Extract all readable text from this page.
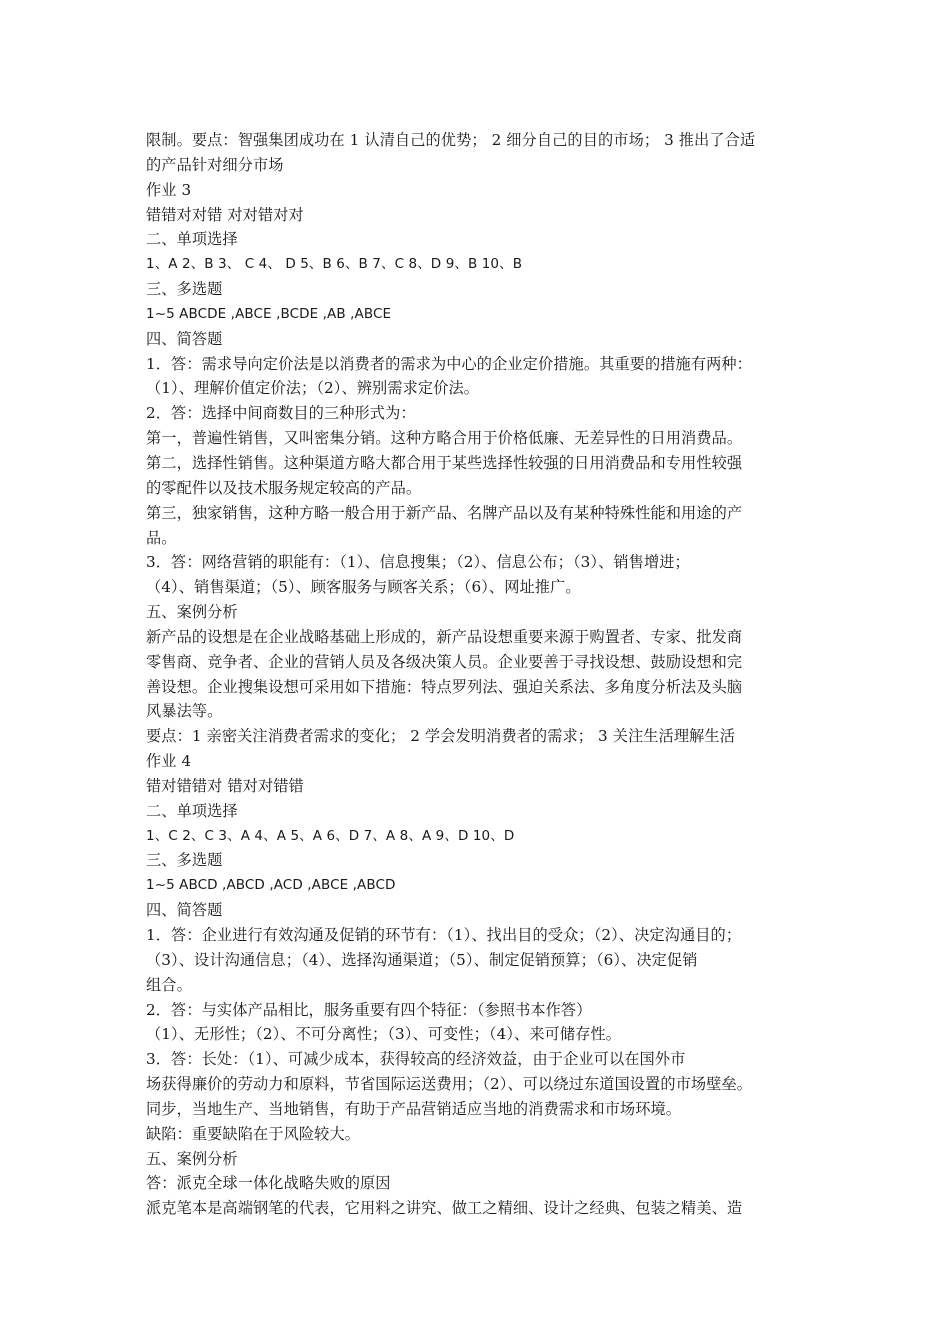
限制。要点：智强集团成功在 1 认清自己的优势； 2 细分自己的目的市场； 3 推出了合适
的产品针对细分市场
作业 3
错错对对错 对对错对对
二、单项选择
1、A 2、B 3、 C 4、 D 5、B 6、B 7、C 8、D 9、B 10、B
三、多选题
1~5 ABCDE ,ABCE ,BCDE ,AB ,ABCE
四、简答题
1．答：需求导向定价法是以消费者的需求为中心的企业定价措施。其重要的措施有两种：
（1）、理解价值定价法；（2）、辨别需求定价法。
2．答：选择中间商数目的三种形式为：
第一，普遍性销售，又叫密集分销。这种方略合用于价格低廉、无差异性的日用消费品。
第二，选择性销售。这种渠道方略大都合用于某些选择性较强的日用消费品和专用性较强
的零配件以及技术服务规定较高的产品。
第三，独家销售，这种方略一般合用于新产品、名牌产品以及有某种特殊性能和用途的产
品。
3．答：网络营销的职能有：（1）、信息搜集；（2）、信息公布；（3）、销售增进；
（4）、销售渠道；（5）、顾客服务与顾客关系；（6）、网址推广。
五、案例分析
新产品的设想是在企业战略基础上形成的，新产品设想重要来源于购置者、专家、批发商
零售商、竞争者、企业的营销人员及各级决策人员。企业要善于寻找设想、鼓励设想和完
善设想。企业搜集设想可采用如下措施：特点罗列法、强迫关系法、多角度分析法及头脑
风暴法等。
要点：1 亲密关注消费者需求的变化； 2 学会发明消费者的需求； 3 关注生活理解生活
作业 4
错对错错对 错对对错错
二、单项选择
1、C 2、C 3、A 4、A 5、A 6、D 7、A 8、A 9、D 10、D
三、多选题
1~5 ABCD ,ABCD ,ACD ,ABCE ,ABCD
四、简答题
1．答：企业进行有效沟通及促销的环节有：（1）、找出目的受众；（2）、决定沟通目的；
（3）、设计沟通信息；（4）、选择沟通渠道；（5）、制定促销预算；（6）、决定促销
组合。
2．答：与实体产品相比，服务重要有四个特征：（参照书本作答）
（1）、无形性；（2）、不可分离性；（3）、可变性；（4）、来可储存性。
3．答：长处：（1）、可减少成本，获得较高的经济效益，由于企业可以在国外市
场获得廉价的劳动力和原料，节省国际运送费用；（2）、可以绕过东道国设置的市场壁垒。
同步，当地生产、当地销售，有助于产品营销适应当地的消费需求和市场环境。
缺陷：重要缺陷在于风险较大。
五、案例分析
答：派克全球一体化战略失败的原因
派克笔本是高端钢笔的代表，它用料之讲究、做工之精细、设计之经典、包装之精美、造
